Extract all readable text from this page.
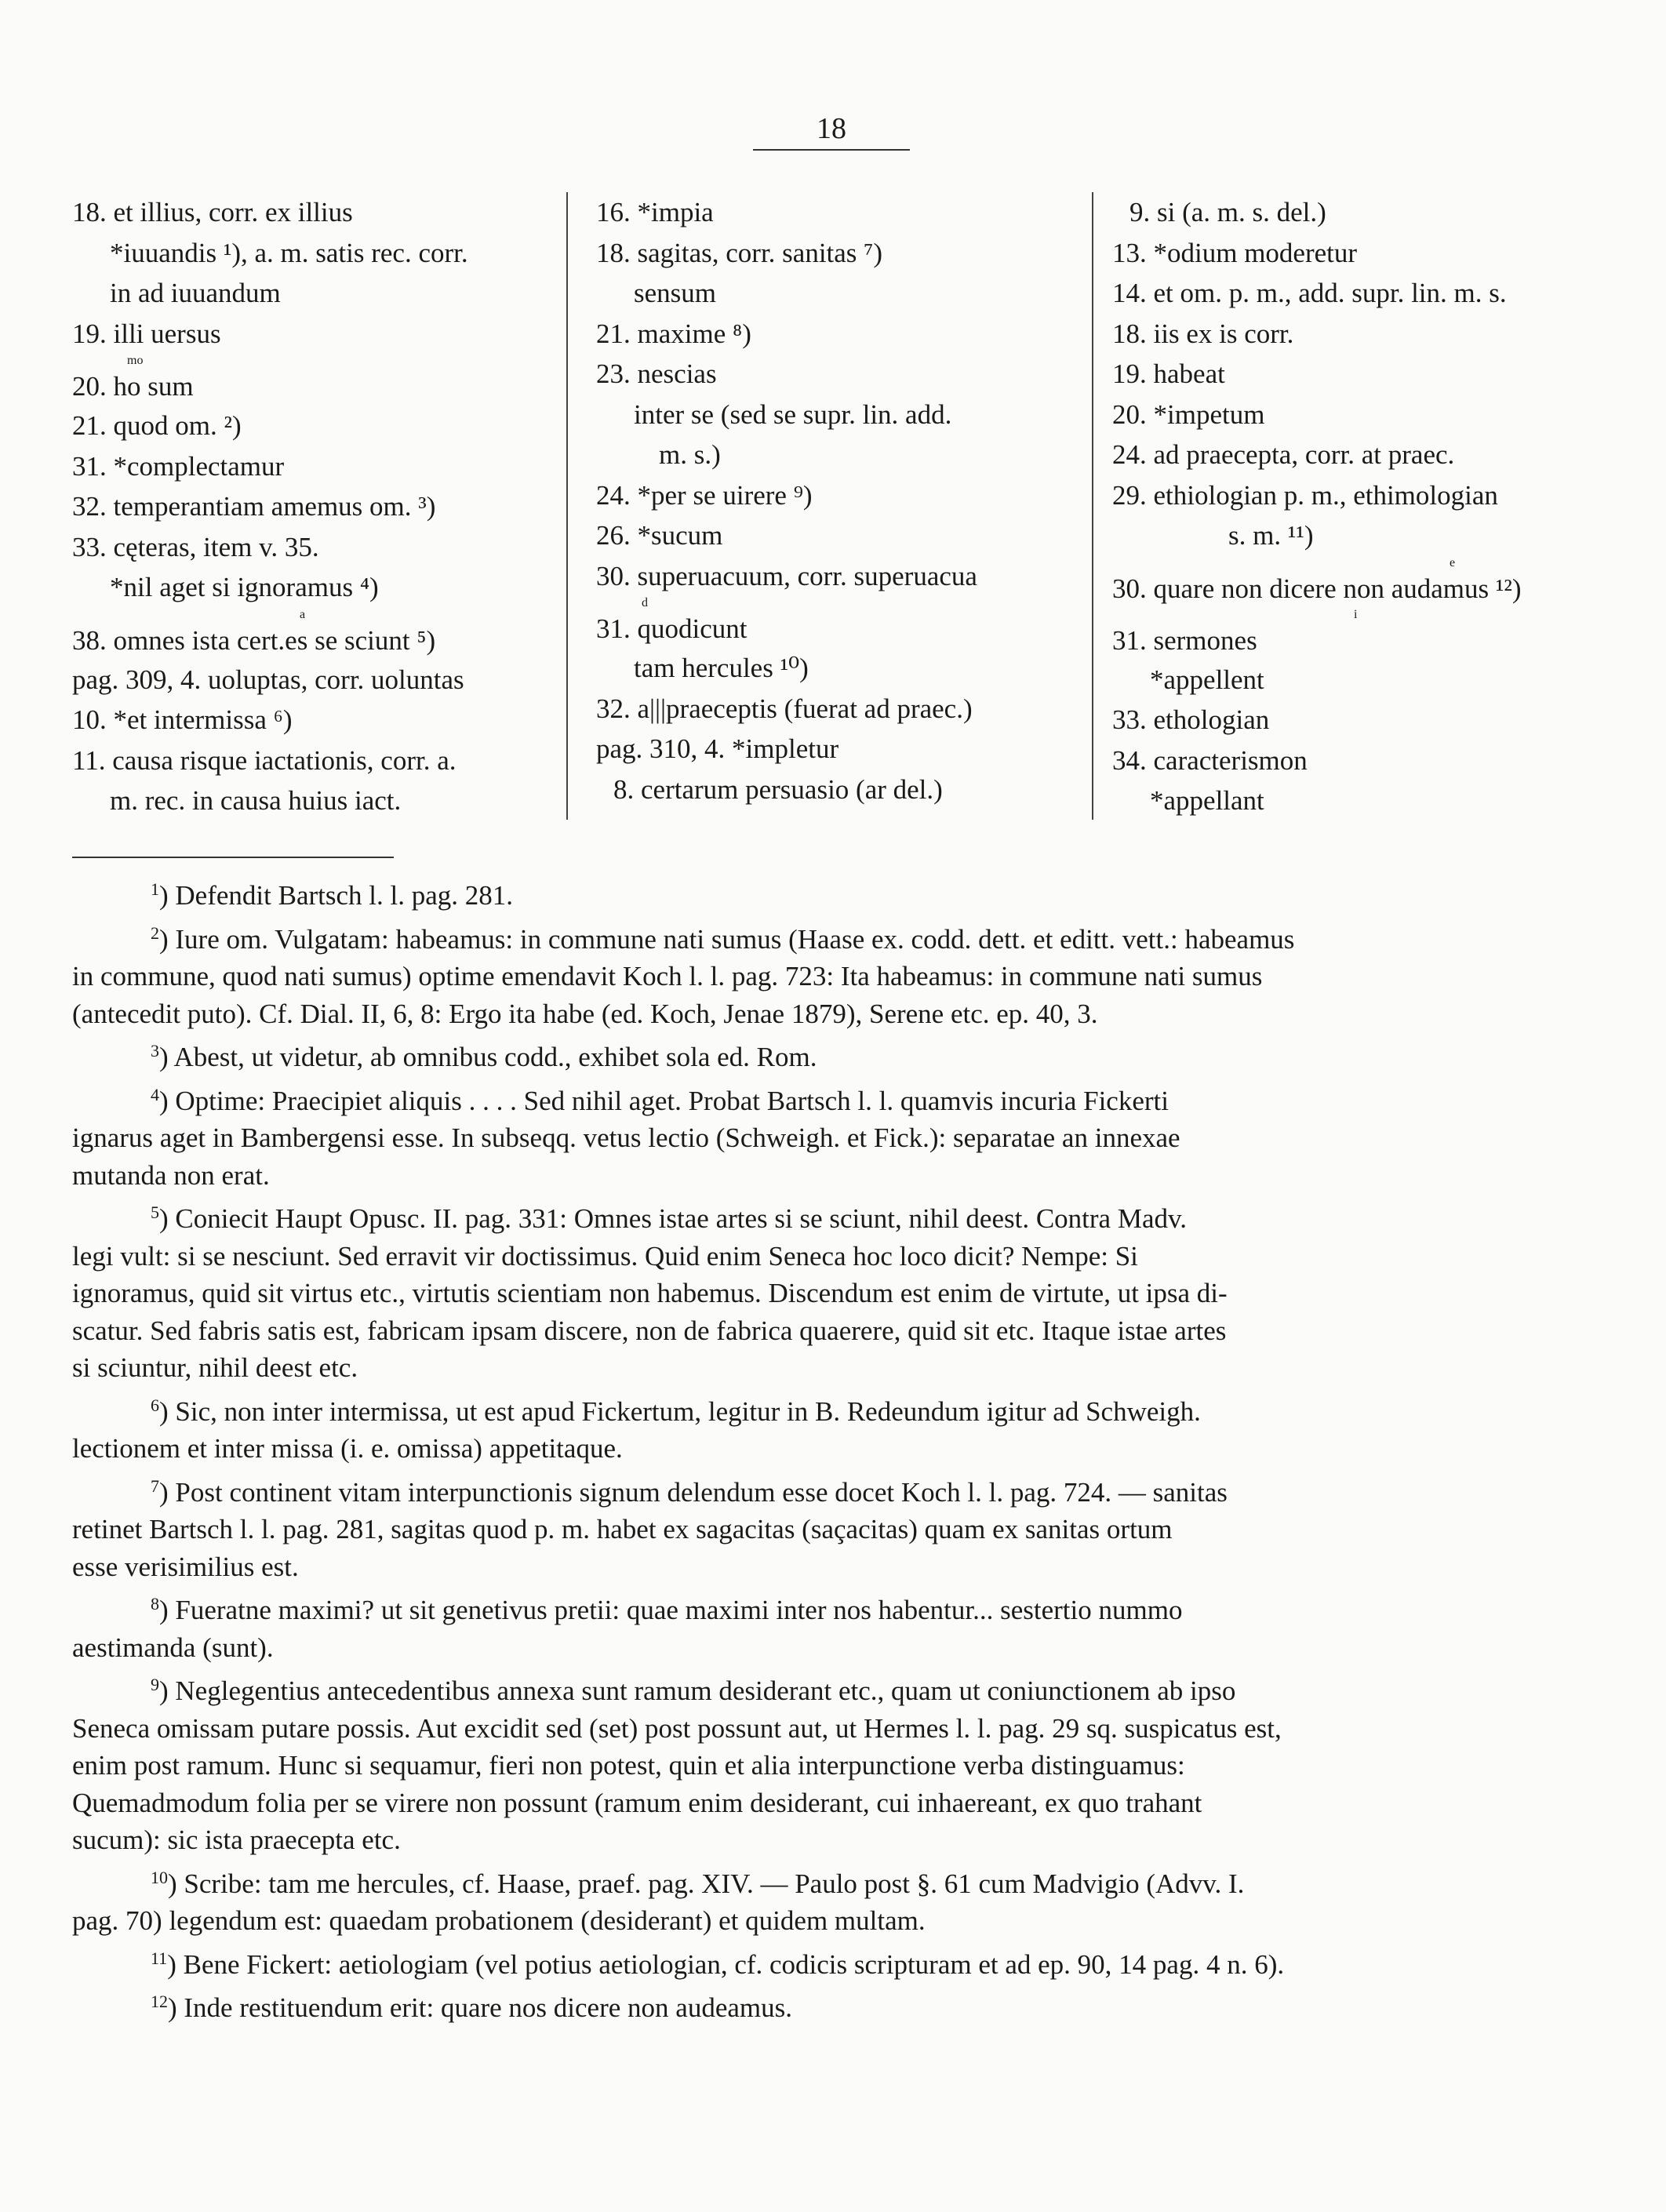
18
18. et illius, corr. ex illius
*iuuandis ¹), a. m. satis rec. corr.
in ad iuuandum
19. illi uersus
mo
20. ho sum
21. quod om. ²)
31. *complectamur
32. temperantiam amemus om. ³)
33. cęteras, item v. 35.
*nil aget si ignoramus ⁴)
a
38. omnes ista cert.es se sciunt ⁵)
pag. 309, 4. uoluptas, corr. uoluntas
10. *et intermissa ⁶)
11. causa risque iactationis, corr. a.
m. rec. in causa huius iact.
16. *impia
18. sagitas, corr. sanitas ⁷)
sensum
21. maxime ⁸)
23. nescias
inter se (sed se supr. lin. add.
m. s.)
24. *per se uirere ⁹)
26. *sucum
30. superuacuum, corr. superuacua
d
31. quodicunt
tam hercules ¹⁰)
32. a|||praeceptis (fuerat ad praec.)
pag. 310, 4. *impletur
8. certarum persuasio (ar del.)
9. si (a. m. s. del.)
13. *odium moderetur
14. et om. p. m., add. supr. lin. m. s.
18. iis ex is corr.
19. habeat
20. *impetum
24. ad praecepta, corr. at praec.
29. ethiologian p. m., ethimologian
s. m. ¹¹)
e
30. quare non dicere non audamus ¹²)
i
31. sermones
*appellent
33. ethologian
34. caracterismon
*appellant

$^1$) Defendit Bartsch l. l. pag. 281.

$^2$) Iure om. Vulgatam: habeamus: in commune nati sumus (Haase ex. codd. dett. et editt. vett.: habeamus

in commune, quod nati sumus) optime emendavit Koch l. l. pag. 723: Ita habeamus: in commune nati sumus

(antecedit puto). Cf. Dial. II, 6, 8: Ergo ita habe (ed. Koch, Jenae 1879), Serene etc. ep. 40, 3.

$^3$) Abest, ut videtur, ab omnibus codd., exhibet sola ed. Rom.

$^4$) Optime: Praecipiet aliquis . . . . Sed nihil aget. Probat Bartsch l. l. quamvis incuria Fickerti

ignarus aget in Bambergensi esse. In subseqq. vetus lectio (Schweigh. et Fick.): separatae an innexae

mutanda non erat.

$^5$) Coniecit Haupt Opusc. II. pag. 331: Omnes istae artes si se sciunt, nihil deest. Contra Madv.

legi vult: si se nesciunt. Sed erravit vir doctissimus. Quid enim Seneca hoc loco dicit? Nempe: Si

ignoramus, quid sit virtus etc., virtutis scientiam non habemus. Discendum est enim de virtute, ut ipsa di-

scatur. Sed fabris satis est, fabricam ipsam discere, non de fabrica quaerere, quid sit etc. Itaque istae artes

si sciuntur, nihil deest etc.

$^6$) Sic, non inter intermissa, ut est apud Fickertum, legitur in B. Redeundum igitur ad Schweigh.

lectionem et inter missa (i. e. omissa) appetitaque.

$^7$) Post continent vitam interpunctionis signum delendum esse docet Koch l. l. pag. 724. — sanitas

retinet Bartsch l. l. pag. 281, sagitas quod p. m. habet ex sagacitas (saçacitas) quam ex sanitas ortum

esse verisimilius est.

$^8$) Fueratne maximi? ut sit genetivus pretii: quae maximi inter nos habentur... sestertio nummo

aestimanda (sunt).

$^9$) Neglegentius antecedentibus annexa sunt ramum desiderant etc., quam ut coniunctionem ab ipso

Seneca omissam putare possis. Aut excidit sed (set) post possunt aut, ut Hermes l. l. pag. 29 sq. suspicatus est,

enim post ramum. Hunc si sequamur, fieri non potest, quin et alia interpunctione verba distinguamus:

Quemadmodum folia per se virere non possunt (ramum enim desiderant, cui inhaereant, ex quo trahant

sucum): sic ista praecepta etc.

$^{10}$) Scribe: tam me hercules, cf. Haase, praef. pag. XIV. — Paulo post §. 61 cum Madvigio (Advv. I.

pag. 70) legendum est: quaedam probationem (desiderant) et quidem multam.

$^{11}$) Bene Fickert: aetiologiam (vel potius aetiologian, cf. codicis scripturam et ad ep. 90, 14 pag. 4 n. 6).

$^{12}$) Inde restituendum erit: quare nos dicere non audeamus.
